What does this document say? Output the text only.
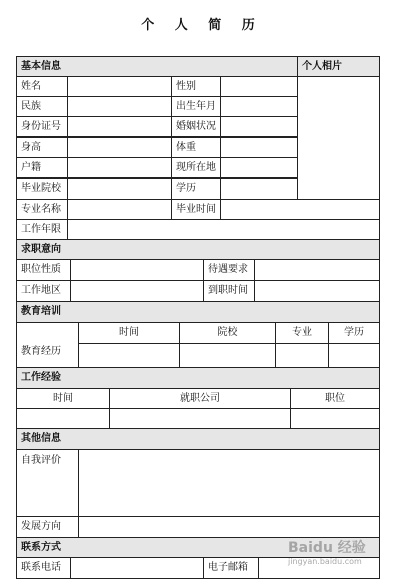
个 人 简 历
基本信息	个人相片
姓名	性别
民族	出生年月
身份证号	婚姻状况
身高	体重
户籍	现所在地
毕业院校	学历
专业名称	毕业时间
工作年限
求职意向
职位性质	待遇要求
工作地区	到职时间
教育培训
教育经历
时间	院校	专业	学历
工作经验
时间	就职公司	职位
其他信息
自我评价
发展方向
联系方式
联系电话	电子邮箱
Baidu 经验
jingyan.baidu.com
